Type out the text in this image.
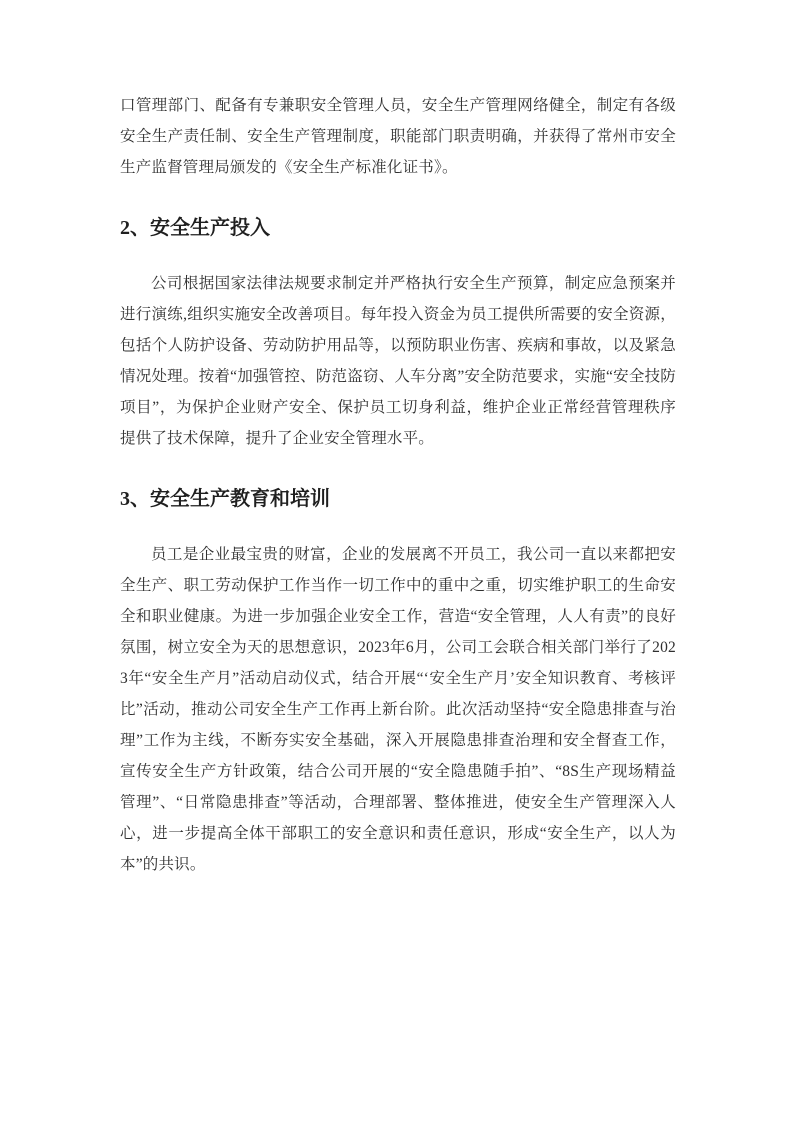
口管理部门、配备有专兼职安全管理人员，安全生产管理网络健全，制定有各级安全生产责任制、安全生产管理制度，职能部门职责明确，并获得了常州市安全生产监督管理局颁发的《安全生产标准化证书》。

2、安全生产投入

公司根据国家法律法规要求制定并严格执行安全生产预算，制定应急预案并进行演练,组织实施安全改善项目。每年投入资金为员工提供所需要的安全资源，包括个人防护设备、劳动防护用品等，以预防职业伤害、疾病和事故，以及紧急情况处理。按着“加强管控、防范盗窃、人车分离”安全防范要求，实施“安全技防项目”，为保护企业财产安全、保护员工切身利益，维护企业正常经营管理秩序提供了技术保障，提升了企业安全管理水平。

3、安全生产教育和培训

员工是企业最宝贵的财富，企业的发展离不开员工，我公司一直以来都把安全生产、职工劳动保护工作当作一切工作中的重中之重，切实维护职工的生命安全和职业健康。为进一步加强企业安全工作，营造“安全管理，人人有责”的良好氛围，树立安全为天的思想意识，2023年6月，公司工会联合相关部门举行了2023年“安全生产月”活动启动仪式，结合开展“‘安全生产月’安全知识教育、考核评比”活动，推动公司安全生产工作再上新台阶。此次活动坚持“安全隐患排查与治理”工作为主线，不断夯实安全基础，深入开展隐患排查治理和安全督查工作，宣传安全生产方针政策，结合公司开展的“安全隐患随手拍”、“8S生产现场精益管理”、“日常隐患排查”等活动，合理部署、整体推进，使安全生产管理深入人心，进一步提高全体干部职工的安全意识和责任意识，形成“安全生产，以人为本”的共识。
